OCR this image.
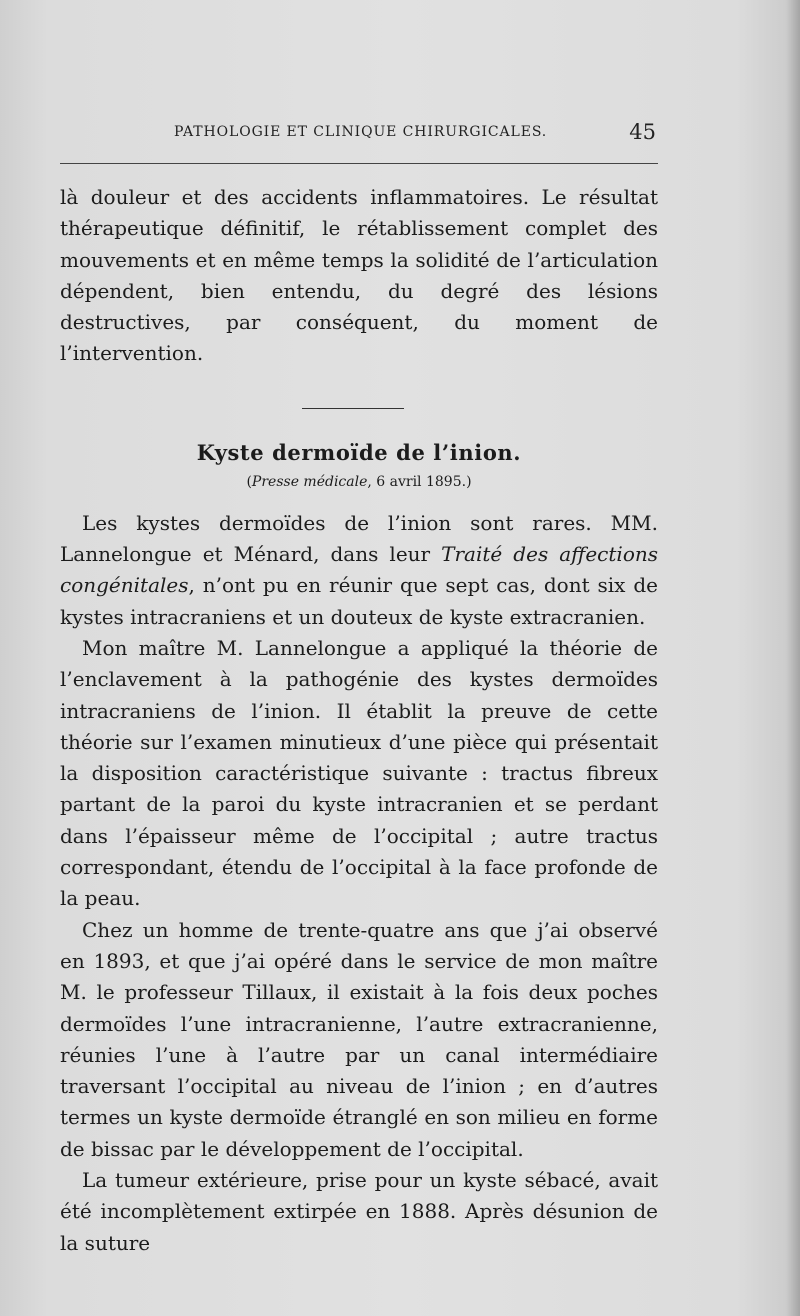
PATHOLOGIE ET CLINIQUE CHIRURGICALES.	45

là douleur et des accidents inflammatoires. Le résultat thérapeutique définitif, le rétablissement complet des mouvements et en même temps la solidité de l’articulation dépendent, bien entendu, du degré des lésions destructives, par conséquent, du moment de l’intervention.

Kyste dermoïde de l’inion.
(Presse médicale, 6 avril 1895.)

Les kystes dermoïdes de l’inion sont rares. MM. Lannelongue et Ménard, dans leur Traité des affections congénitales, n’ont pu en réunir que sept cas, dont six de kystes intracraniens et un douteux de kyste extracranien.

Mon maître M. Lannelongue a appliqué la théorie de l’enclavement à la pathogénie des kystes dermoïdes intracraniens de l’inion. Il établit la preuve de cette théorie sur l’examen minutieux d’une pièce qui présentait la disposition caractéristique suivante : tractus fibreux partant de la paroi du kyste intracranien et se perdant dans l’épaisseur même de l’occipital ; autre tractus correspondant, étendu de l’occipital à la face profonde de la peau.

Chez un homme de trente-quatre ans que j’ai observé en 1893, et que j’ai opéré dans le service de mon maître M. le professeur Tillaux, il existait à la fois deux poches dermoïdes l’une intracranienne, l’autre extracranienne, réunies l’une à l’autre par un canal intermédiaire traversant l’occipital au niveau de l’inion ; en d’autres termes un kyste dermoïde étranglé en son milieu en forme de bissac par le développement de l’occipital.

La tumeur extérieure, prise pour un kyste sébacé, avait été incomplètement extirpée en 1888. Après désunion de la suture
